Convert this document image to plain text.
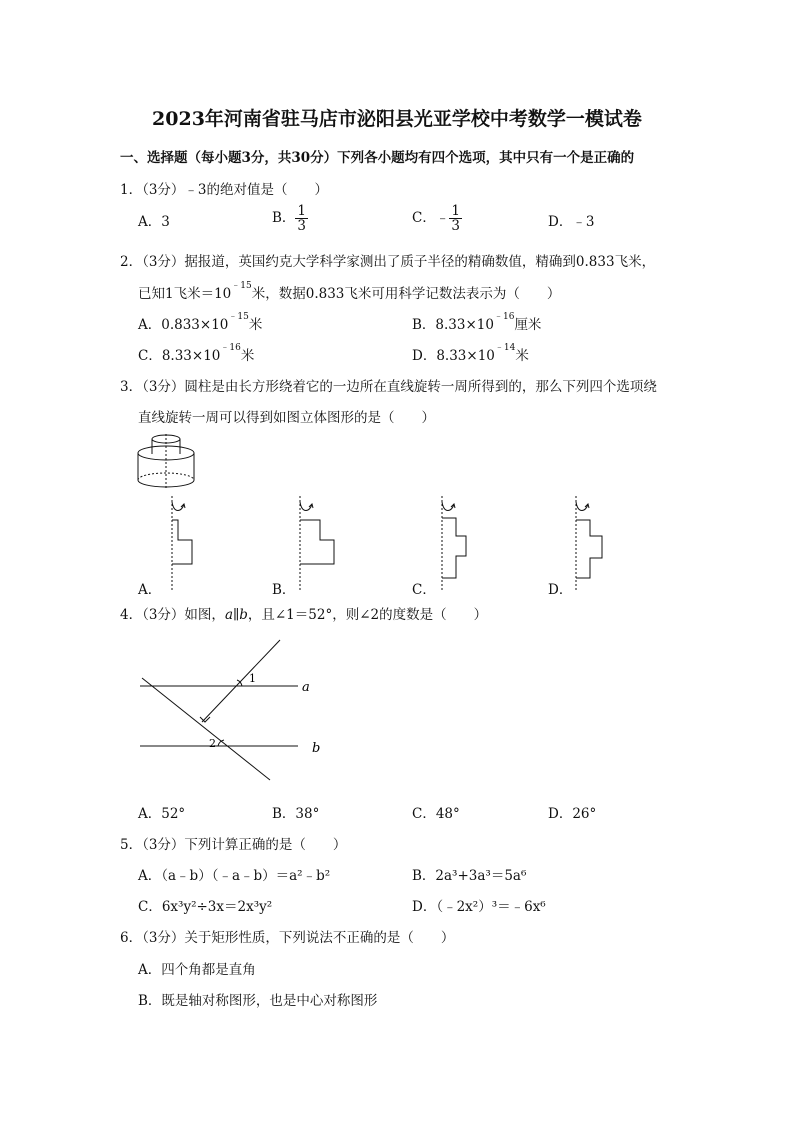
2023年河南省驻马店市泌阳县光亚学校中考数学一模试卷
一、选择题（每小题3分，共30分）下列各小题均有四个选项，其中只有一个是正确的
1．（3分）﹣3的绝对值是（　　）
A．3	B． $\frac{1}{3}$	C．﹣ $\frac{1}{3}$	D．﹣3
2．（3分）据报道，英国约克大学科学家测出了质子半径的精确数值，精确到0.833飞米，
已知1飞米$=10^{﹣15}$米，数据0.833飞米可用科学记数法表示为（　　）
A．$0.833\times 10^{﹣15}$米	B．$8.33\times 10^{﹣16}$厘米
C．$8.33\times 10^{﹣16}$米	D．$8.33\times 10^{﹣14}$米
3．（3分）圆柱是由长方形绕着它的一边所在直线旋转一周所得到的，那么下列四个选项绕
直线旋转一周可以得到如图立体图形的是（　　）
A．	B．	C．	D．
4．（3分）如图，a∥b，且∠1＝52°，则∠2的度数是（　　）
1
2
a
b
A．52°	B．38°	C．48°	D．26°
5．（3分）下列计算正确的是（　　）
A．（a﹣b）（﹣a﹣b）＝a²﹣b²	B．2a³+3a³＝5a⁶
C．6x³y²÷3x＝2x³y²	D．（﹣2x²）³＝﹣6x⁶
6．（3分）关于矩形性质，下列说法不正确的是（　　）
A．四个角都是直角
B．既是轴对称图形，也是中心对称图形
